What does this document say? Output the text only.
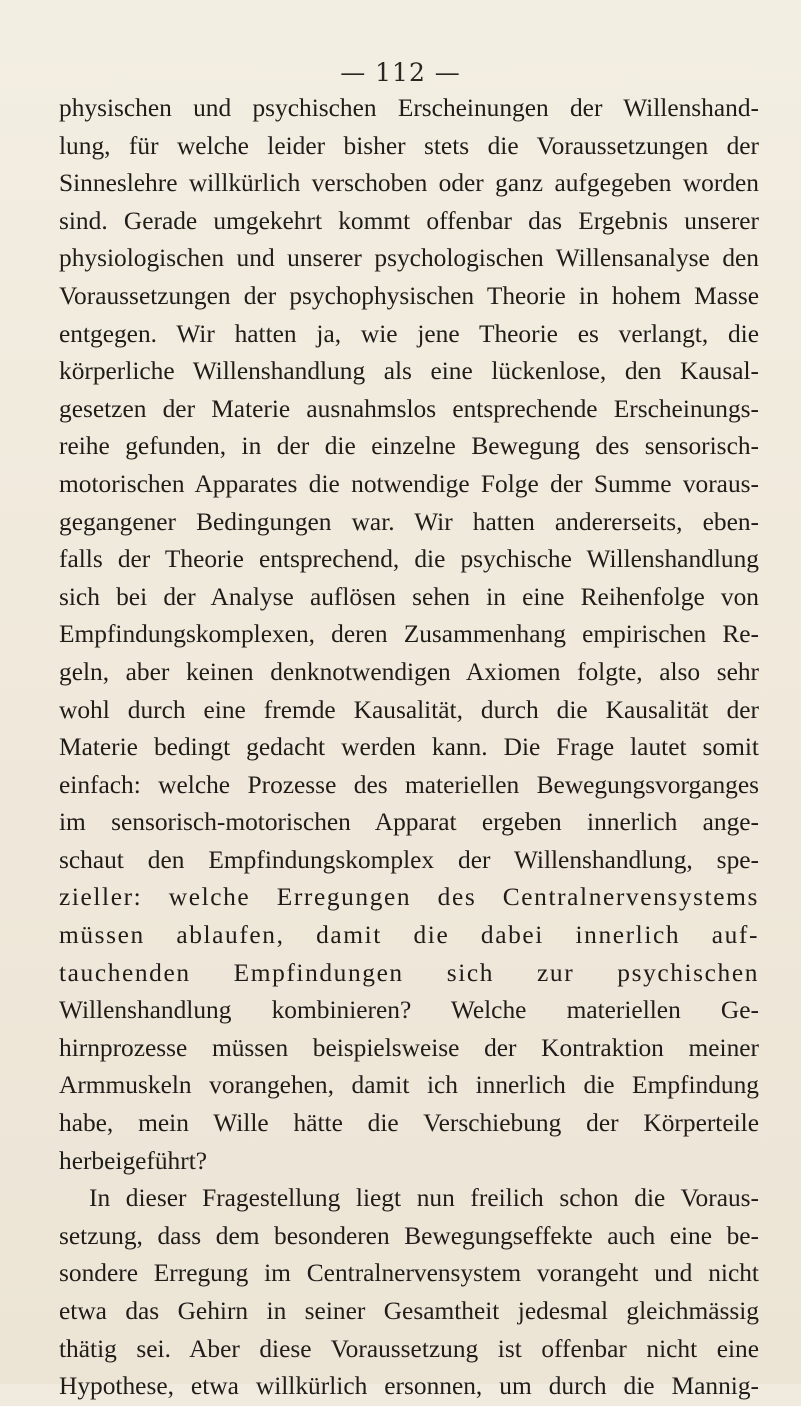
— 112 —
physischen und psychischen Erscheinungen der Willenshand-
lung, für welche leider bisher stets die Voraussetzungen der
Sinneslehre willkürlich verschoben oder ganz aufgegeben worden
sind. Gerade umgekehrt kommt offenbar das Ergebnis unserer
physiologischen und unserer psychologischen Willensanalyse den
Voraussetzungen der psychophysischen Theorie in hohem Masse
entgegen. Wir hatten ja, wie jene Theorie es verlangt, die
körperliche Willenshandlung als eine lückenlose, den Kausal-
gesetzen der Materie ausnahmslos entsprechende Erscheinungs-
reihe gefunden, in der die einzelne Bewegung des sensorisch-
motorischen Apparates die notwendige Folge der Summe voraus-
gegangener Bedingungen war. Wir hatten andererseits, eben-
falls der Theorie entsprechend, die psychische Willenshandlung
sich bei der Analyse auflösen sehen in eine Reihenfolge von
Empfindungskomplexen, deren Zusammenhang empirischen Re-
geln, aber keinen denknotwendigen Axiomen folgte, also sehr
wohl durch eine fremde Kausalität, durch die Kausalität der
Materie bedingt gedacht werden kann. Die Frage lautet somit
einfach: welche Prozesse des materiellen Bewegungsvorganges
im sensorisch-motorischen Apparat ergeben innerlich ange-
schaut den Empfindungskomplex der Willenshandlung, spe-
zieller: welche Erregungen des Centralnervensystems
müssen ablaufen, damit die dabei innerlich auf-
tauchenden Empfindungen sich zur psychischen
Willenshandlung kombinieren? Welche materiellen Ge-
hirnprozesse müssen beispielsweise der Kontraktion meiner
Armmuskeln vorangehen, damit ich innerlich die Empfindung
habe, mein Wille hätte die Verschiebung der Körperteile
herbeigeführt?
In dieser Fragestellung liegt nun freilich schon die Voraus-
setzung, dass dem besonderen Bewegungseffekte auch eine be-
sondere Erregung im Centralnervensystem vorangeht und nicht
etwa das Gehirn in seiner Gesamtheit jedesmal gleichmässig
thätig sei. Aber diese Voraussetzung ist offenbar nicht eine
Hypothese, etwa willkürlich ersonnen, um durch die Mannig-
